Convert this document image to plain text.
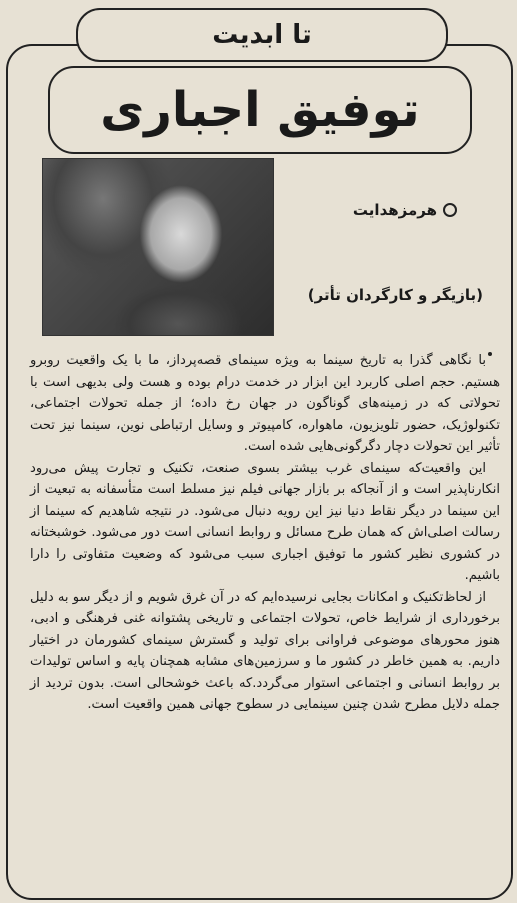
تا ابدیت
توفیق اجباری
هرمزهدایت
(بازیگر و کارگردان تأتر)

با نگاهی گذرا به تاریخ سینما به ویژه سینمای قصه‌پرداز، ما با یک واقعیت روبرو هستیم. حجم اصلی کاربرد این ابزار در خدمت درام بوده و هست ولی بدیهی است با تحولاتی که در زمینه‌های گوناگون در جهان رخ داده؛ از جمله تحولات اجتماعی، تکنولوژیک، حضور تلویزیون، ماهواره، کامپیوتر و وسایل ارتباطی نوین، سینما نیز تحت تأثیر این تحولات دچار دگرگونی‌هایی شده است.

این واقعیت‌که سینمای غرب بیشتر بسوی صنعت، تکنیک و تجارت پیش می‌رود انکارناپذیر است و از آنجاکه بر بازار جهانی فیلم نیز مسلط است متأسفانه به تبعیت از این سینما در دیگر نقاط دنیا نیز این رویه دنبال می‌شود. در نتیجه شاهدیم که سینما از رسالت اصلی‌اش که همان طرح مسائل و روابط انسانی است دور می‌شود. خوشبختانه در کشوری نظیر کشور ما توفیق اجباری سبب می‌شود که وضعیت متفاوتی را دارا باشیم.

از لحاظ‌تکنیک و امکانات بجایی نرسیده‌ایم که در آن غرق شویم و از دیگر سو به دلیل برخورداری از شرایط خاص، تحولات اجتماعی و تاریخی پشتوانه غنی فرهنگی و ادبی، هنوز محورهای موضوعی فراوانی برای تولید و گسترش سینمای کشورمان در اختیار داریم. به همین خاطر در کشور ما و سرزمین‌های مشابه همچنان پایه و اساس تولیدات بر روابط انسانی و اجتماعی استوار می‌گردد.که باعث خوشحالی است. بدون تردید از جمله دلایل مطرح شدن چنین سینمایی در سطوح جهانی همین واقعیت است.
